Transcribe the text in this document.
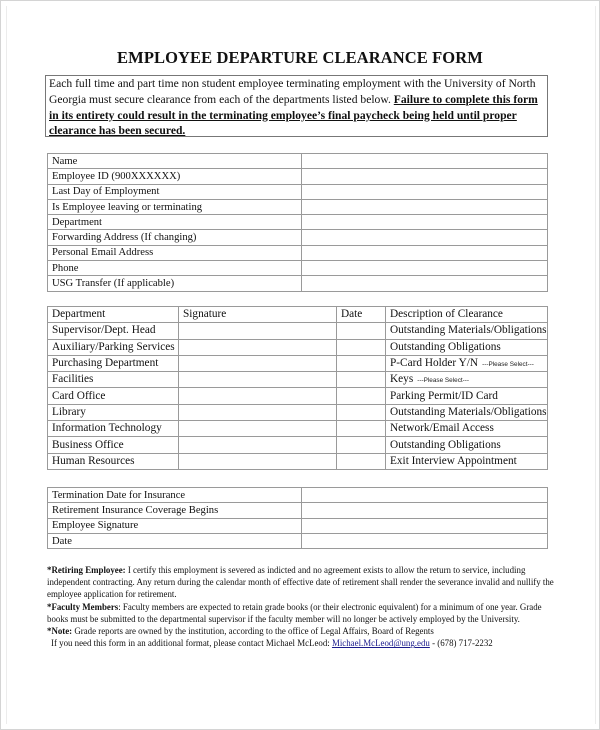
EMPLOYEE DEPARTURE CLEARANCE FORM
Each full time and part time non student employee terminating employment with the University of North Georgia must secure clearance from each of the departments listed below. Failure to complete this form in its entirety could result in the terminating employee’s final paycheck being held until proper clearance has been secured.
Name	
Employee ID (900XXXXXX)	
Last Day of Employment	
Is Employee leaving or terminating	
Department	
Forwarding Address (If changing)	
Personal Email Address	
Phone	
USG Transfer (If applicable)	
Department	Signature	Date	Description of Clearance
Supervisor/Dept. Head			Outstanding Materials/Obligations
Auxiliary/Parking Services			Outstanding Obligations
Purchasing Department			P-Card Holder Y/N ---Please Select---
Facilities			Keys ---Please Select---
Card Office			Parking Permit/ID Card
Library			Outstanding Materials/Obligations
Information Technology			Network/Email Access
Business Office			Outstanding Obligations
Human Resources			Exit Interview Appointment
Termination Date for Insurance	
Retirement Insurance Coverage Begins	
Employee Signature	
Date	

*Retiring Employee: I certify this employment is severed as indicted and no agreement exists to allow the return to service, including independent contracting. Any return during the calendar month of effective date of retirement shall render the severance invalid and nullify the employee application for retirement.

*Faculty Members: Faculty members are expected to retain grade books (or their electronic equivalent) for a minimum of one year. Grade books must be submitted to the departmental supervisor if the faculty member will no longer be actively employed by the University.

*Note: Grade reports are owned by the institution, according to the office of Legal Affairs, Board of Regents

If you need this form in an additional format, please contact Michael McLeod: Michael.McLeod@ung.edu - (678) 717-2232
